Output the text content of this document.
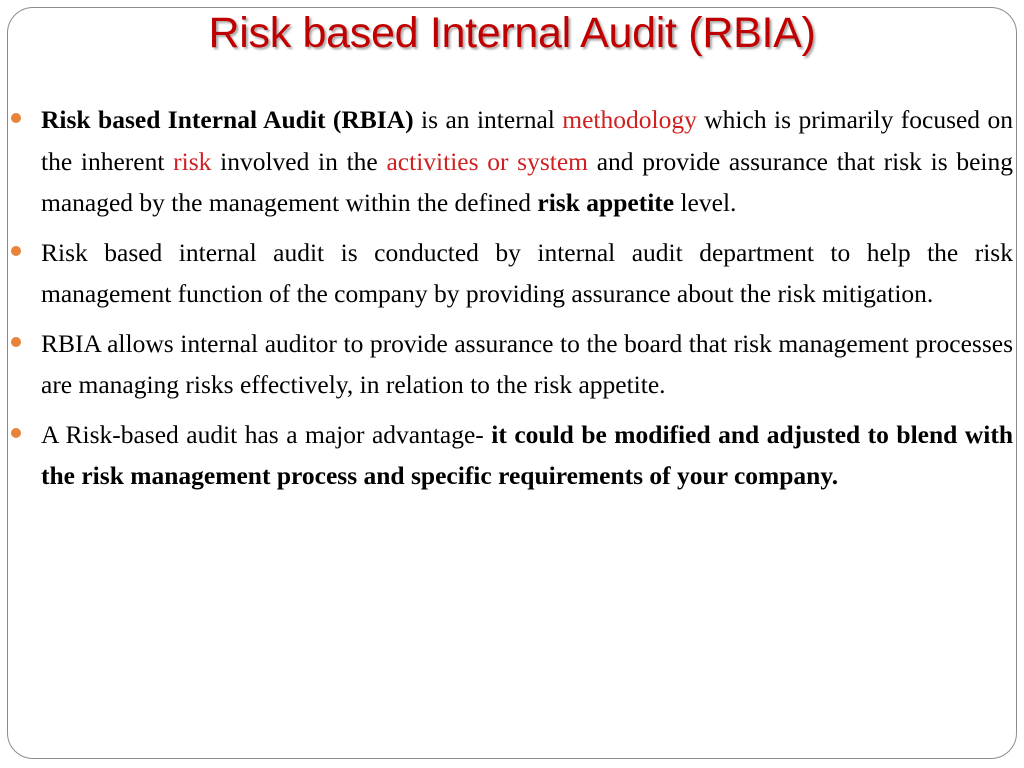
Risk based Internal Audit (RBIA)
Risk based Internal Audit (RBIA) is an internal methodology which is primarily focused on the inherent risk involved in the activities or system and provide assurance that risk is being managed by the management within the defined risk appetite level.
Risk based internal audit is conducted by internal audit department to help the risk management function of the company by providing assurance about the risk mitigation.
RBIA allows internal auditor to provide assurance to the board that risk management processes are managing risks effectively, in relation to the risk appetite.
A Risk-based audit has a major advantage- it could be modified and adjusted to blend with the risk management process and specific requirements of your company.
